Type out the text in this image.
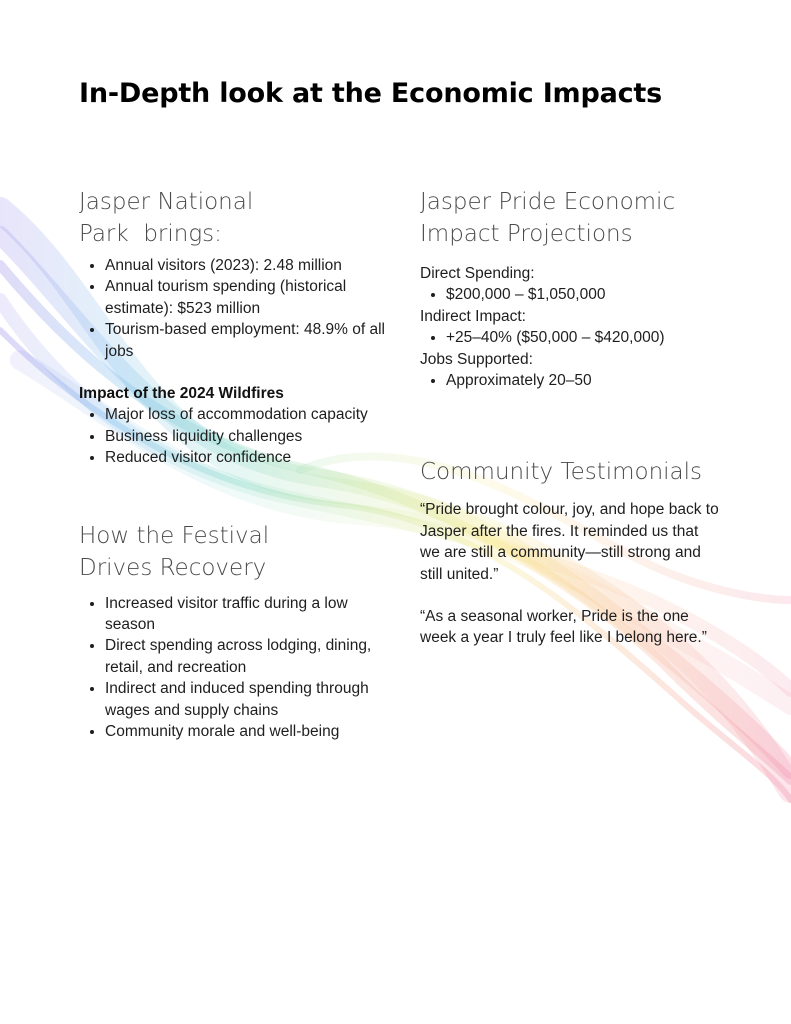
In-Depth look at the Economic Impacts
Jasper National
Park  brings:
• Annual visitors (2023): 2.48 million
• Annual tourism spending (historical estimate): $523 million
• Tourism-based employment: 48.9% of all jobs
Impact of the 2024 Wildfires
• Major loss of accommodation capacity
• Business liquidity challenges
• Reduced visitor confidence
How the Festival
Drives Recovery
• Increased visitor traffic during a low season
• Direct spending across lodging, dining, retail, and recreation
• Indirect and induced spending through wages and supply chains
• Community morale and well-being
Jasper Pride Economic
Impact Projections

Direct Spending:

• $200,000 – $1,050,000

Indirect Impact:

• +25–40% ($50,000 – $420,000)

Jobs Supported:

• Approximately 20–50
Community Testimonials

“Pride brought colour, joy, and hope back to Jasper after the fires. It reminded us that we are still a community—still strong and still united.”

“As a seasonal worker, Pride is the one week a year I truly feel like I belong here.”
